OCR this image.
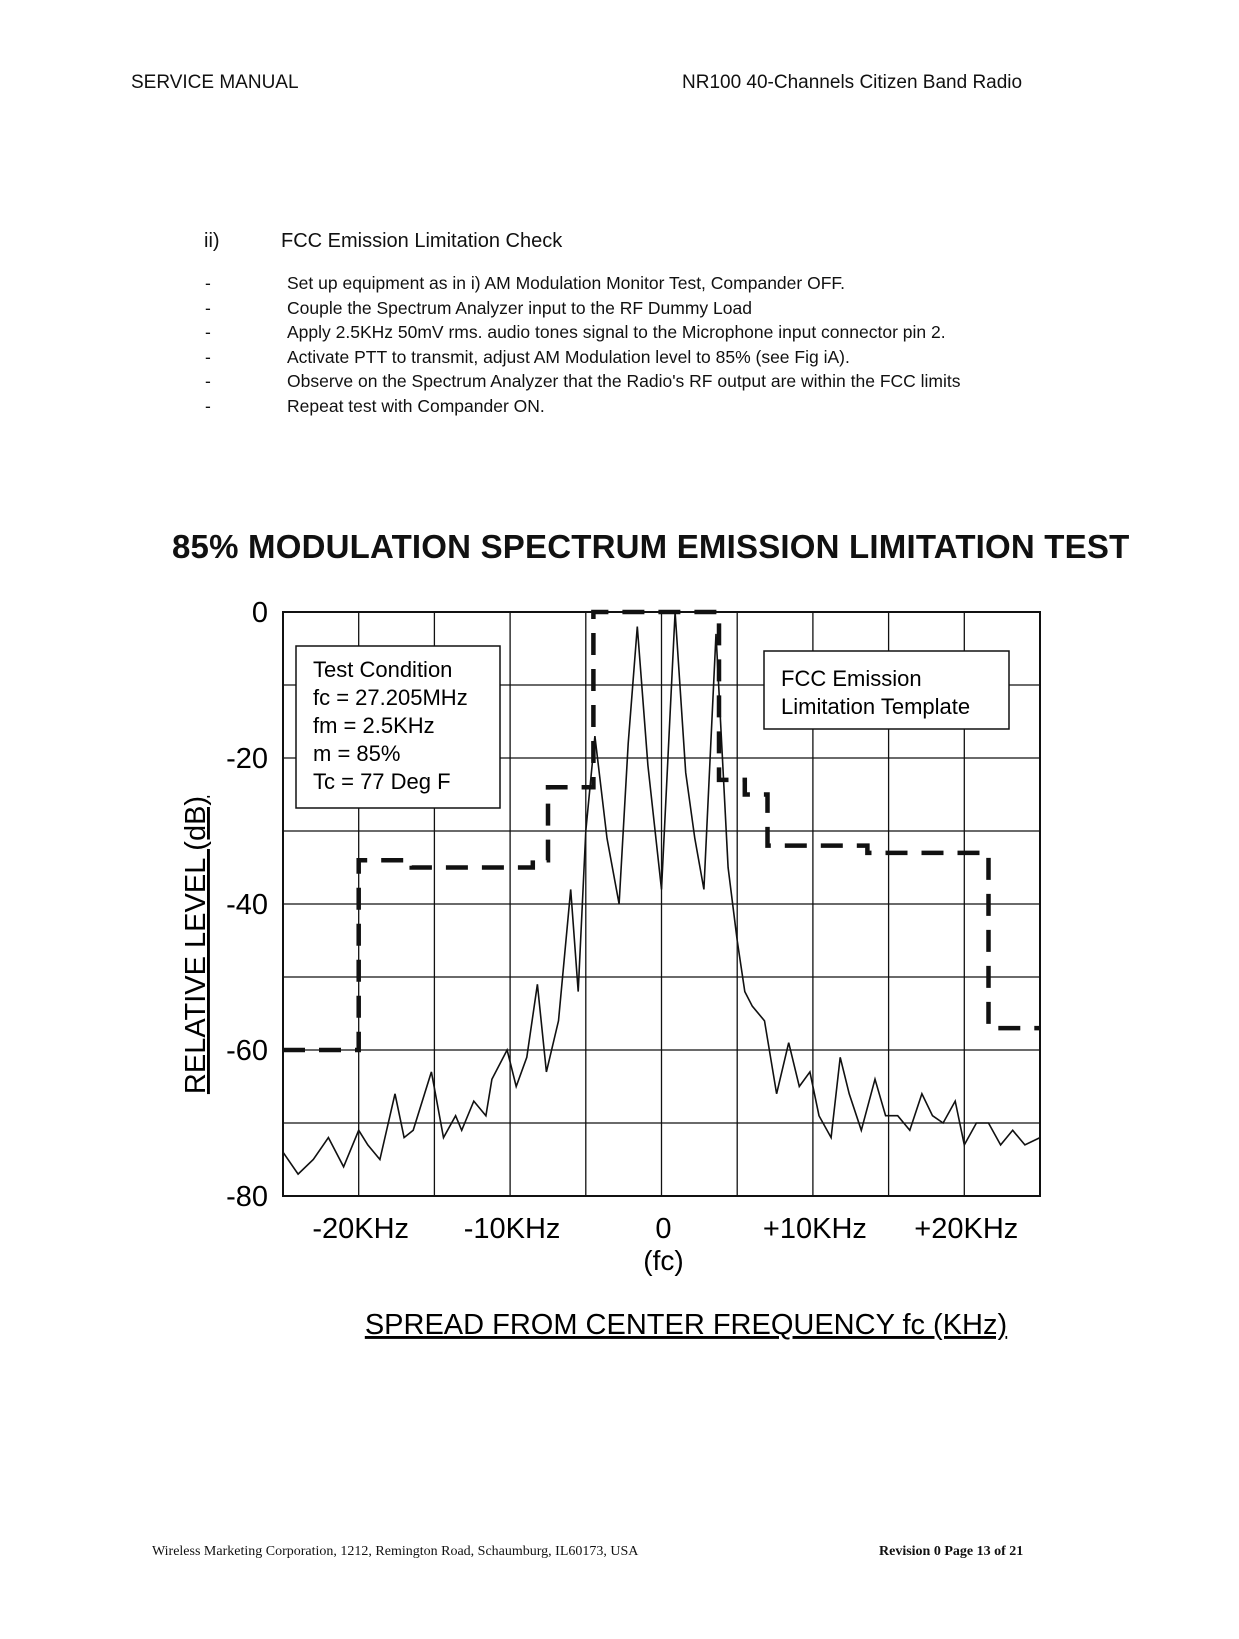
SERVICE MANUAL	NR100 40-Channels Citizen Band Radio
ii)	FCC Emission Limitation Check
-	Set up equipment as in i) AM Modulation Monitor Test, Compander OFF.
-	Couple the Spectrum Analyzer input to the RF Dummy Load
-	Apply 2.5KHz 50mV rms. audio tones signal to the Microphone input connector pin 2.
-	Activate PTT to transmit, adjust AM Modulation level to 85% (see Fig iA).
-	Observe on the Spectrum Analyzer that the Radio's RF output are within the FCC limits
-	Repeat test with Compander ON.
85% MODULATION SPECTRUM EMISSION LIMITATION TEST
Test Condition
fc = 27.205MHz
fm = 2.5KHz
m = 85%
Tc = 77 Deg F
FCC Emission
Limitation Template
0
-20
-40
-60
-80
-20KHz -10KHz	0	+10KHz +20KHz
(fc)
RELATIVE LEVEL (dB)
SPREAD FROM CENTER FREQUENCY fc (KHz)
Wireless Marketing Corporation, 1212, Remington Road, Schaumburg, IL60173, USA	Revision 0 Page 13 of 21
